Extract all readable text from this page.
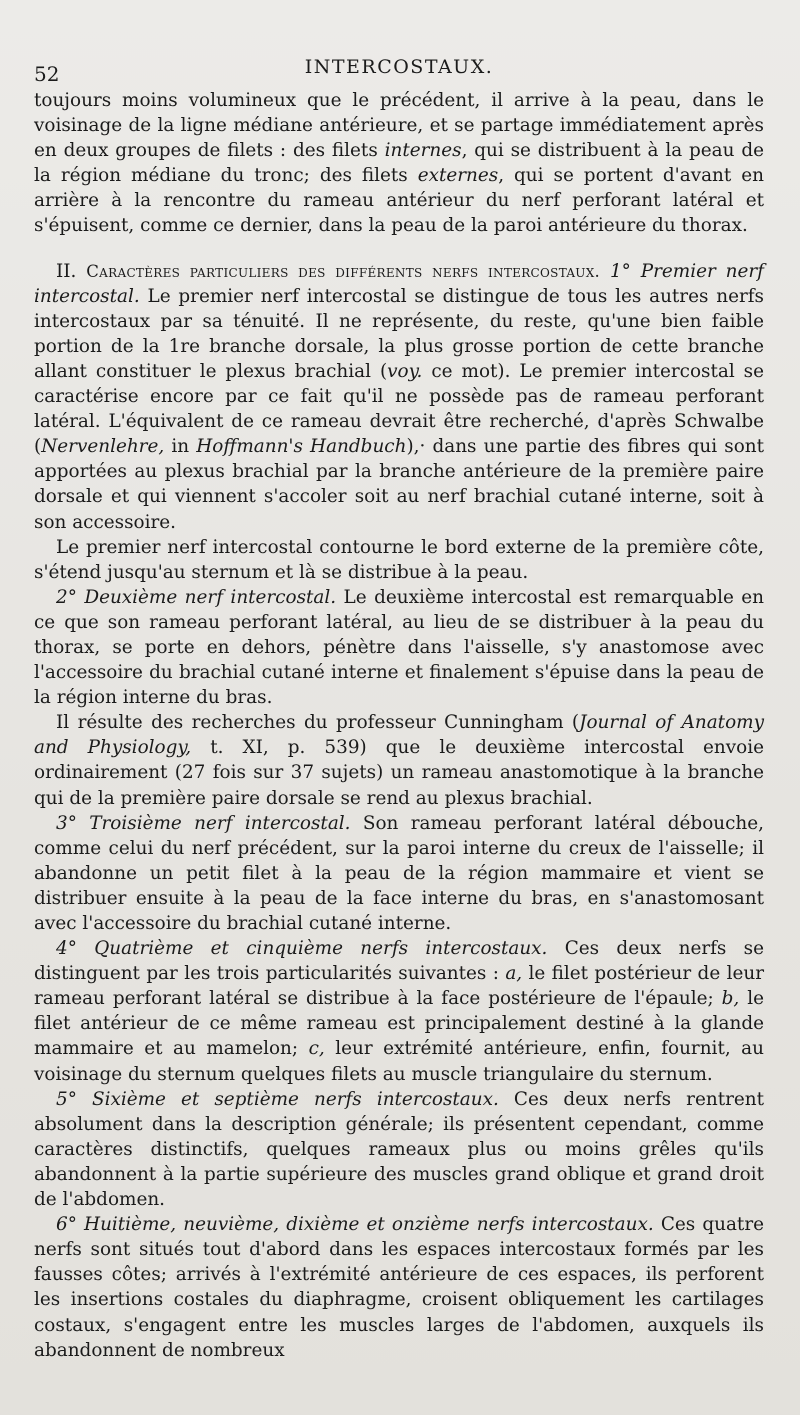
52	INTERCOSTAUX.

toujours moins volumineux que le précédent, il arrive à la peau, dans le voisinage de la ligne médiane antérieure, et se partage immédiatement après en deux groupes de filets : des filets internes, qui se distribuent à la peau de la région médiane du tronc; des filets externes, qui se portent d'avant en arrière à la rencontre du rameau antérieur du nerf perforant latéral et s'épuisent, comme ce dernier, dans la peau de la paroi antérieure du thorax.

II. Caractères particuliers des différents nerfs intercostaux. 1° Premier nerf intercostal. Le premier nerf intercostal se distingue de tous les autres nerfs intercostaux par sa ténuité. Il ne représente, du reste, qu'une bien faible portion de la 1re branche dorsale, la plus grosse portion de cette branche allant constituer le plexus brachial (voy. ce mot). Le premier intercostal se caractérise encore par ce fait qu'il ne possède pas de rameau perforant latéral. L'équivalent de ce rameau devrait être recherché, d'après Schwalbe (Nervenlehre, in Hoffmann's Handbuch),· dans une partie des fibres qui sont apportées au plexus brachial par la branche antérieure de la première paire dorsale et qui viennent s'accoler soit au nerf brachial cutané interne, soit à son accessoire.

Le premier nerf intercostal contourne le bord externe de la première côte, s'étend jusqu'au sternum et là se distribue à la peau.

2° Deuxième nerf intercostal. Le deuxième intercostal est remarquable en ce que son rameau perforant latéral, au lieu de se distribuer à la peau du thorax, se porte en dehors, pénètre dans l'aisselle, s'y anastomose avec l'accessoire du brachial cutané interne et finalement s'épuise dans la peau de la région interne du bras.

Il résulte des recherches du professeur Cunningham (Journal of Anatomy and Physiology, t. XI, p. 539) que le deuxième intercostal envoie ordinairement (27 fois sur 37 sujets) un rameau anastomotique à la branche qui de la première paire dorsale se rend au plexus brachial.

3° Troisième nerf intercostal. Son rameau perforant latéral débouche, comme celui du nerf précédent, sur la paroi interne du creux de l'aisselle; il abandonne un petit filet à la peau de la région mammaire et vient se distribuer ensuite à la peau de la face interne du bras, en s'anastomosant avec l'accessoire du brachial cutané interne.

4° Quatrième et cinquième nerfs intercostaux. Ces deux nerfs se distinguent par les trois particularités suivantes : a, le filet postérieur de leur rameau perforant latéral se distribue à la face postérieure de l'épaule; b, le filet antérieur de ce même rameau est principalement destiné à la glande mammaire et au mamelon; c, leur extrémité antérieure, enfin, fournit, au voisinage du sternum quelques filets au muscle triangulaire du sternum.

5° Sixième et septième nerfs intercostaux. Ces deux nerfs rentrent absolument dans la description générale; ils présentent cependant, comme caractères distinctifs, quelques rameaux plus ou moins grêles qu'ils abandonnent à la partie supérieure des muscles grand oblique et grand droit de l'abdomen.

6° Huitième, neuvième, dixième et onzième nerfs intercostaux. Ces quatre nerfs sont situés tout d'abord dans les espaces intercostaux formés par les fausses côtes; arrivés à l'extrémité antérieure de ces espaces, ils perforent les insertions costales du diaphragme, croisent obliquement les cartilages costaux, s'engagent entre les muscles larges de l'abdomen, auxquels ils abandonnent de nombreux
